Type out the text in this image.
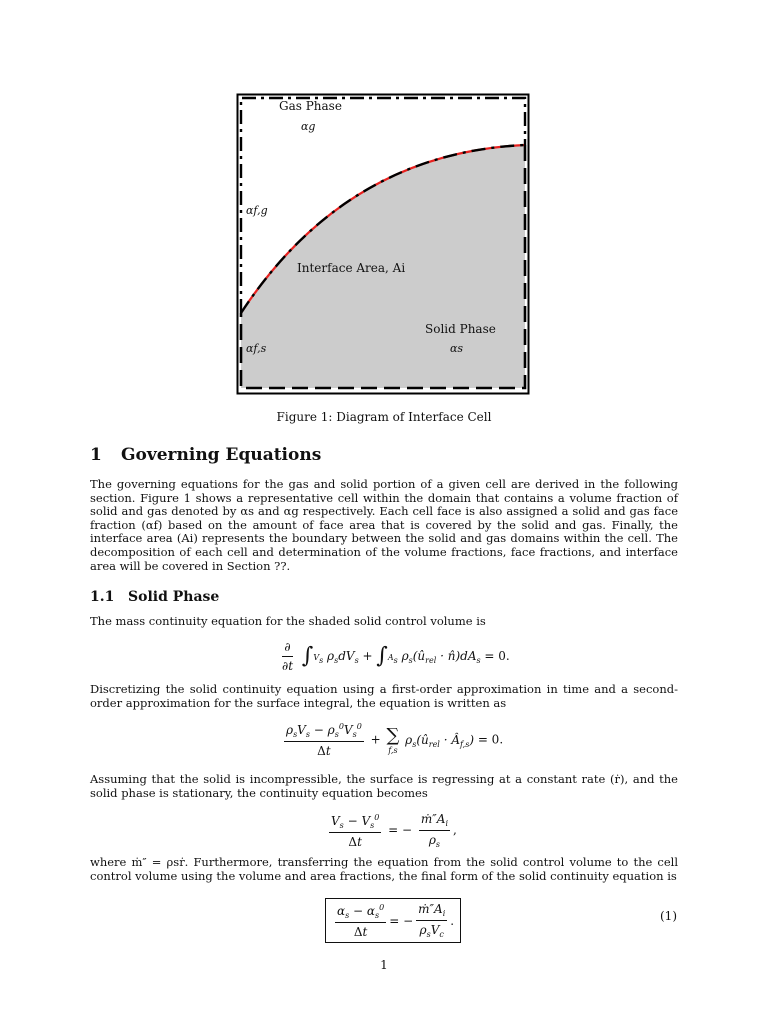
Gas Phase
αg
αf,g
Interface Area, Ai
Solid Phase
αs
αf,s
Figure 1: Diagram of Interface Cell
1 Governing Equations
The governing equations for the gas and solid portion of a given cell are derived in the following section. Figure 1 shows a representative cell within the domain that contains a volume fraction of solid and gas denoted by αs and αg respectively. Each cell face is also assigned a solid and gas face fraction (αf) based on the amount of face area that is covered by the solid and gas. Finally, the interface area (Ai) represents the boundary between the solid and gas domains within the cell. The decomposition of each cell and determination of the volume fractions, face fractions, and interface area will be covered in Section ??.
1.1 Solid Phase
The mass continuity equation for the shaded solid control volume is
$\frac{\partial}{\partial t} \int Vs$ $\rho_sdV_s + \int As$ $\rho_s(û_{rel}$ · $n̂)dA_s = 0$.
Discretizing the solid continuity equation using a first-order approximation in time and a second-order approximation for the surface integral, the equation is written as
$\frac{\rho_sV_s - \rho_s^0V_s^0}{\Delta t}$ + ∑
f,s
$\rho_s(û_{rel}$ · $Â_{f,s}) = 0$.
Assuming that the solid is incompressible, the surface is regressing at a constant rate (ṙ), and the solid phase is stationary, the continuity equation becomes
$\frac{V_s - V_s^0}{\Delta t}$ = − $\frac{ṁ''A_i}{\rho_s}$ ,
where ṁ″ = ρsṙ. Furthermore, transferring the equation from the solid control volume to the cell control volume using the volume and area fractions, the final form of the solid continuity equation is
$\frac{\alpha_s - \alpha_s^0}{\Delta t}$ = − $\frac{ṁ''A_i}{\rho_sV_c}$ .	(1)
1
